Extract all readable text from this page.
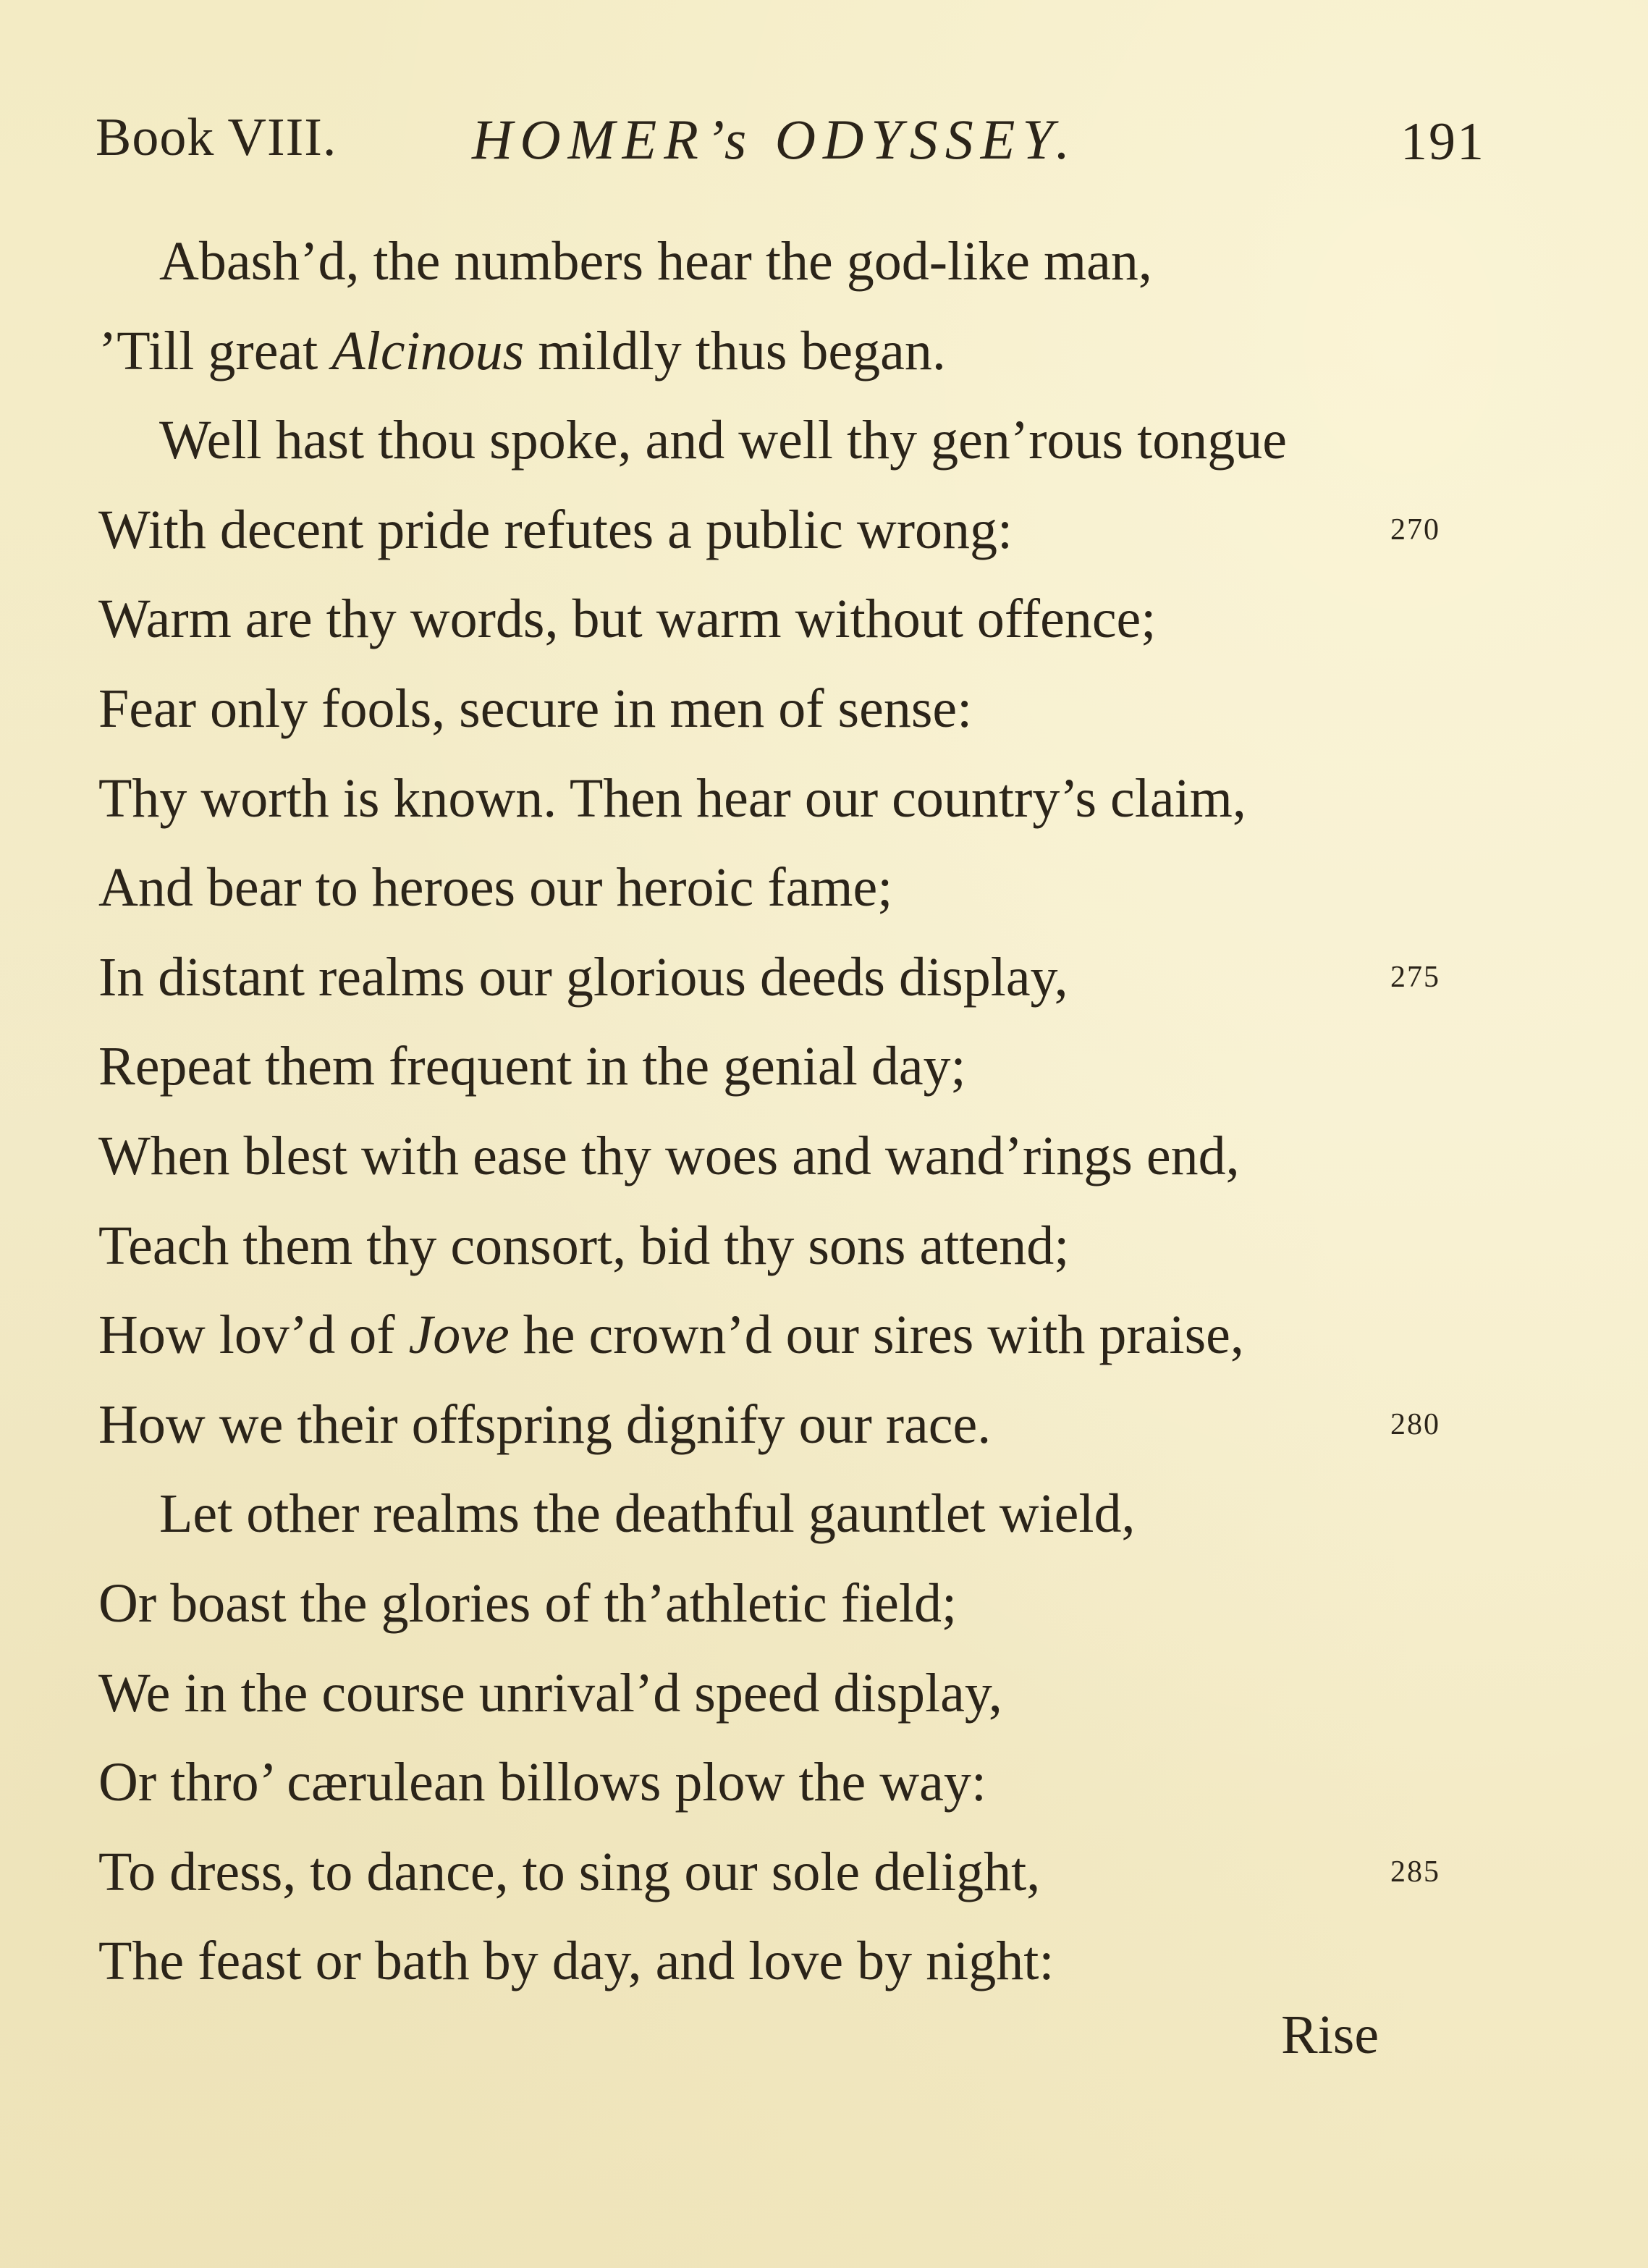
Book VIII. HOMER’s ODYSSEY.	191
Abash’d, the numbers hear the god-like man,
’Till great Alcinous mildly thus began.
Well hast thou spoke, and well thy gen’rous tongue
With decent pride refutes a public wrong:	270
Warm are thy words, but warm without offence;
Fear only fools, secure in men of sense:
Thy worth is known. Then hear our country’s claim,
And bear to heroes our heroic fame;
In distant realms our glorious deeds display,	275
Repeat them frequent in the genial day;
When blest with ease thy woes and wand’rings end,
Teach them thy consort, bid thy sons attend;
How lov’d of Jove he crown’d our sires with praise,
How we their offspring dignify our race.	280
Let other realms the deathful gauntlet wield,
Or boast the glories of th’athletic field;
We in the course unrival’d speed display,
Or thro’ cærulean billows plow the way:
To dress, to dance, to sing our sole delight,	285
The feast or bath by day, and love by night:
Rise
